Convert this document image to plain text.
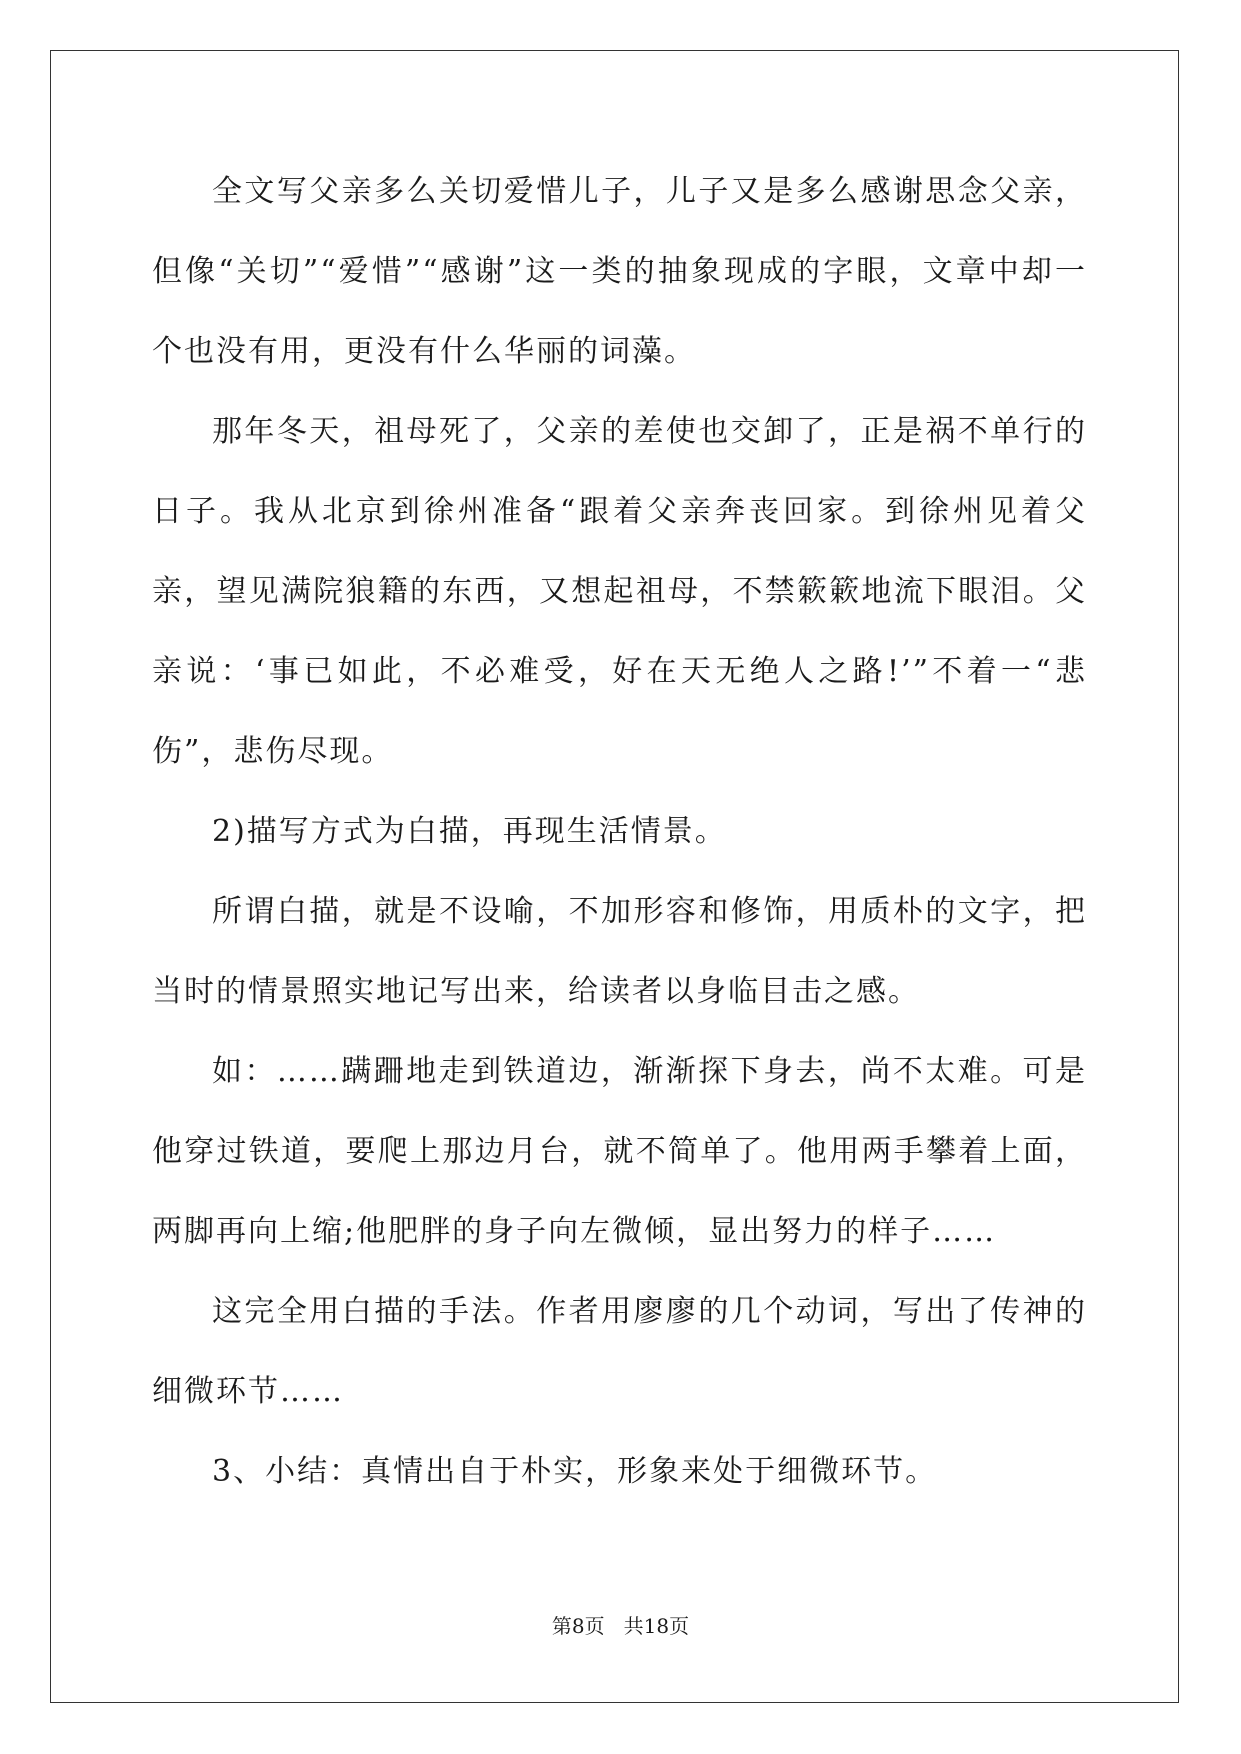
全文写父亲多么关切爱惜儿子，儿子又是多么感谢思念父亲，但像“关切”“爱惜”“感谢”这一类的抽象现成的字眼，文章中却一个也没有用，更没有什么华丽的词藻。

那年冬天，祖母死了，父亲的差使也交卸了，正是祸不单行的日子。我从北京到徐州准备“跟着父亲奔丧回家。到徐州见着父亲，望见满院狼籍的东西，又想起祖母，不禁簌簌地流下眼泪。父亲说：‘事已如此，不必难受，好在天无绝人之路!’”不着一“悲伤”，悲伤尽现。

2)描写方式为白描，再现生活情景。

所谓白描，就是不设喻，不加形容和修饰，用质朴的文字，把当时的情景照实地记写出来，给读者以身临目击之感。

如：……蹒跚地走到铁道边，渐渐探下身去，尚不太难。可是他穿过铁道，要爬上那边月台，就不简单了。他用两手攀着上面，两脚再向上缩;他肥胖的身子向左微倾，显出努力的样子……

这完全用白描的手法。作者用廖廖的几个动词，写出了传神的细微环节……

3、小结：真情出自于朴实，形象来处于细微环节。

第8页   共18页
